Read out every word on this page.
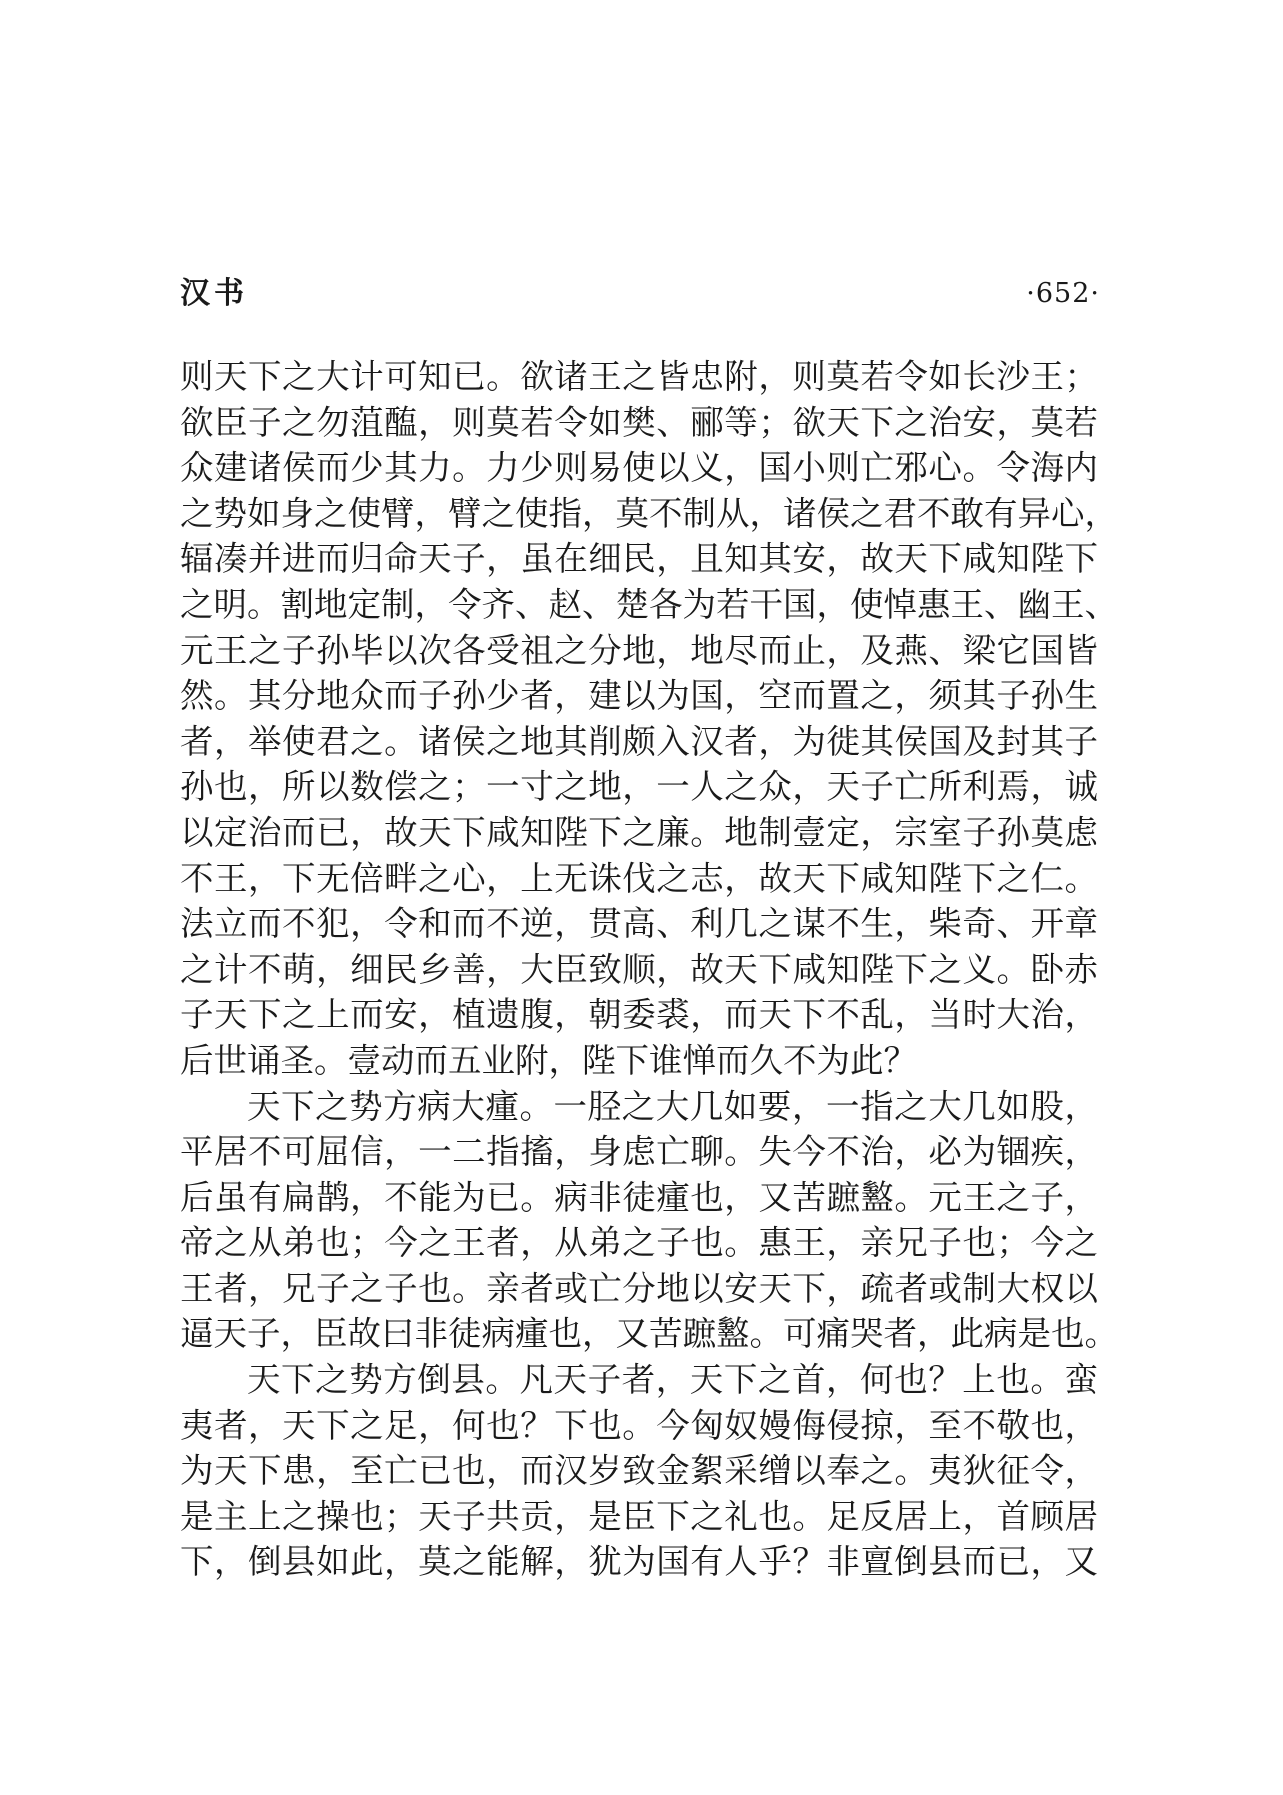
汉书	·652·
则天下之大计可知已。欲诸王之皆忠附，则莫若令如长沙王；
欲臣子之勿菹醢，则莫若令如樊、郦等；欲天下之治安，莫若
众建诸侯而少其力。力少则易使以义，国小则亡邪心。令海内
之势如身之使臂，臂之使指，莫不制从，诸侯之君不敢有异心，
辐凑并进而归命天子，虽在细民，且知其安，故天下咸知陛下
之明。割地定制，令齐、赵、楚各为若干国，使悼惠王、幽王、
元王之子孙毕以次各受祖之分地，地尽而止，及燕、梁它国皆
然。其分地众而子孙少者，建以为国，空而置之，须其子孙生
者，举使君之。诸侯之地其削颇入汉者，为徙其侯国及封其子
孙也，所以数偿之；一寸之地，一人之众，天子亡所利焉，诚
以定治而已，故天下咸知陛下之廉。地制壹定，宗室子孙莫虑
不王，下无倍畔之心，上无诛伐之志，故天下咸知陛下之仁。
法立而不犯，令和而不逆，贯高、利几之谋不生，柴奇、开章
之计不萌，细民乡善，大臣致顺，故天下咸知陛下之义。卧赤
子天下之上而安，植遗腹，朝委裘，而天下不乱，当时大治，
后世诵圣。壹动而五业附，陛下谁惮而久不为此？
天下之势方病大瘇。一胫之大几如要，一指之大几如股，
平居不可屈信，一二指搐，身虑亡聊。失今不治，必为锢疾，
后虽有扁鹊，不能为已。病非徒瘇也，又苦蹠盭。元王之子，
帝之从弟也；今之王者，从弟之子也。惠王，亲兄子也；今之
王者，兄子之子也。亲者或亡分地以安天下，疏者或制大权以
逼天子，臣故曰非徒病瘇也，又苦蹠盭。可痛哭者，此病是也。
天下之势方倒县。凡天子者，天下之首，何也？上也。蛮
夷者，天下之足，何也？下也。今匈奴嫚侮侵掠，至不敬也，
为天下患，至亡已也，而汉岁致金絮采缯以奉之。夷狄征令，
是主上之操也；天子共贡，是臣下之礼也。足反居上，首顾居
下，倒县如此，莫之能解，犹为国有人乎？非亶倒县而已，又
